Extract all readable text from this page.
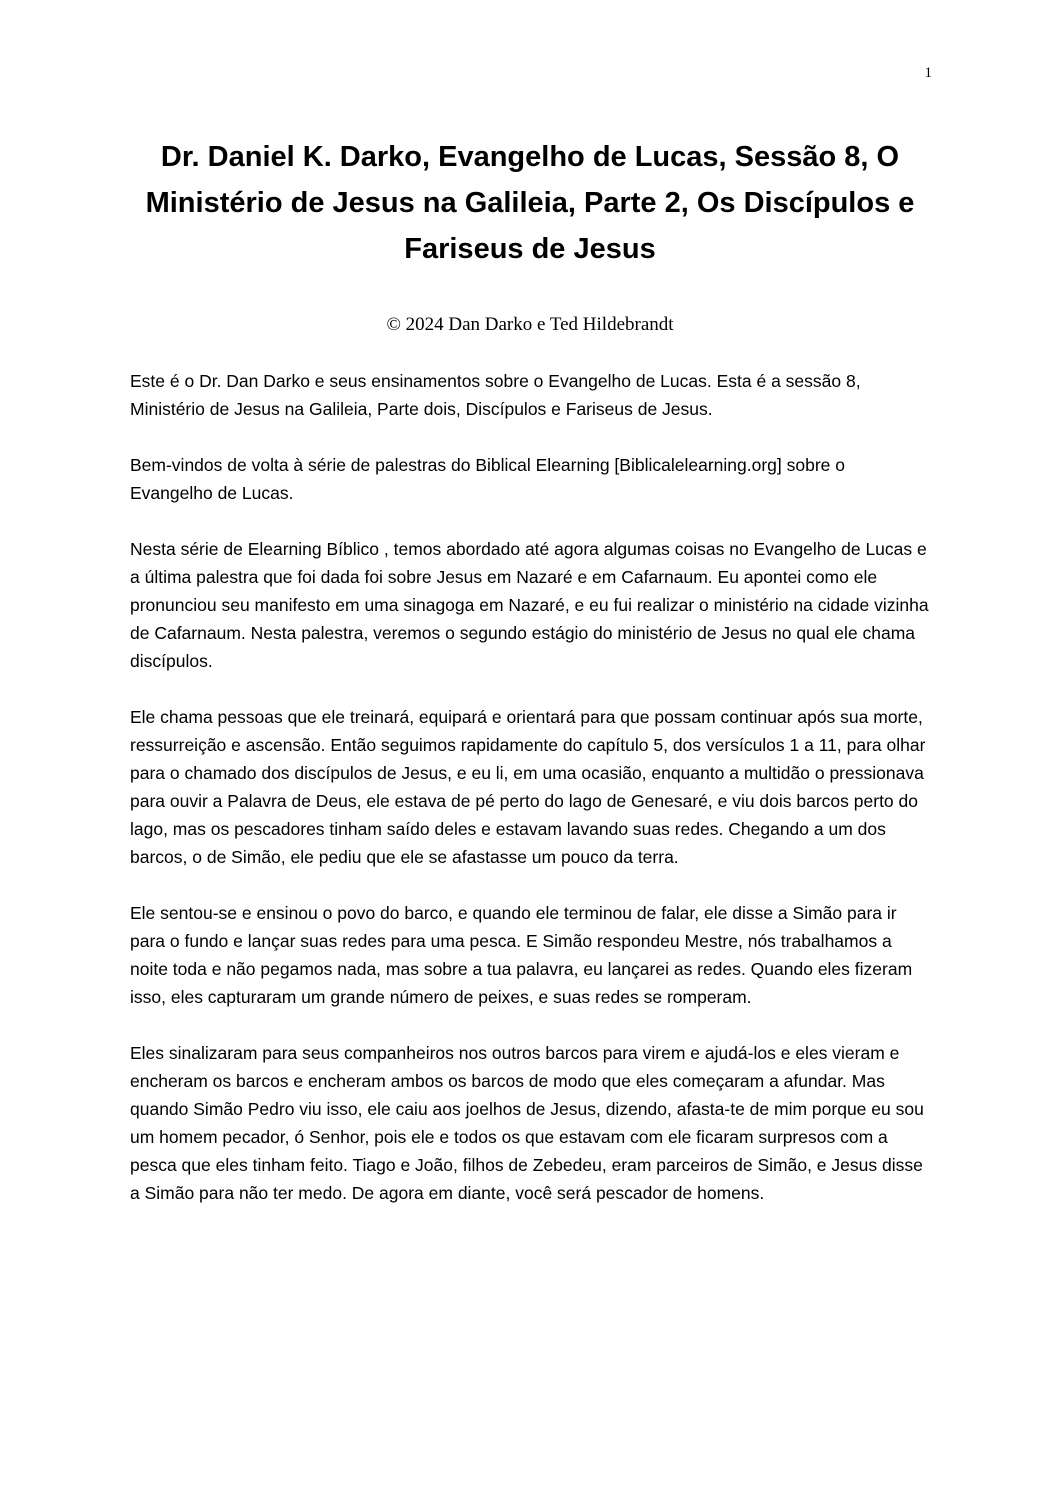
1
Dr. Daniel K. Darko, Evangelho de Lucas, Sessão 8, O Ministério de Jesus na Galileia, Parte 2, Os Discípulos e Fariseus de Jesus
© 2024 Dan Darko e Ted Hildebrandt

Este é o Dr. Dan Darko e seus ensinamentos sobre o Evangelho de Lucas. Esta é a sessão 8, Ministério de Jesus na Galileia, Parte dois, Discípulos e Fariseus de Jesus.

Bem-vindos de volta à série de palestras do Biblical Elearning [Biblicalelearning.org] sobre o Evangelho de Lucas.

Nesta série de Elearning Bíblico , temos abordado até agora algumas coisas no Evangelho de Lucas e a última palestra que foi dada foi sobre Jesus em Nazaré e em Cafarnaum. Eu apontei como ele pronunciou seu manifesto em uma sinagoga em Nazaré, e eu fui realizar o ministério na cidade vizinha de Cafarnaum. Nesta palestra, veremos o segundo estágio do ministério de Jesus no qual ele chama discípulos.

Ele chama pessoas que ele treinará, equipará e orientará para que possam continuar após sua morte, ressurreição e ascensão. Então seguimos rapidamente do capítulo 5, dos versículos 1 a 11, para olhar para o chamado dos discípulos de Jesus, e eu li, em uma ocasião, enquanto a multidão o pressionava para ouvir a Palavra de Deus, ele estava de pé perto do lago de Genesaré, e viu dois barcos perto do lago, mas os pescadores tinham saído deles e estavam lavando suas redes. Chegando a um dos barcos, o de Simão, ele pediu que ele se afastasse um pouco da terra.

Ele sentou-se e ensinou o povo do barco, e quando ele terminou de falar, ele disse a Simão para ir para o fundo e lançar suas redes para uma pesca. E Simão respondeu Mestre, nós trabalhamos a noite toda e não pegamos nada, mas sobre a tua palavra, eu lançarei as redes. Quando eles fizeram isso, eles capturaram um grande número de peixes, e suas redes se romperam.

Eles sinalizaram para seus companheiros nos outros barcos para virem e ajudá-los e eles vieram e encheram os barcos e encheram ambos os barcos de modo que eles começaram a afundar. Mas quando Simão Pedro viu isso, ele caiu aos joelhos de Jesus, dizendo, afasta-te de mim porque eu sou um homem pecador, ó Senhor, pois ele e todos os que estavam com ele ficaram surpresos com a pesca que eles tinham feito. Tiago e João, filhos de Zebedeu, eram parceiros de Simão, e Jesus disse a Simão para não ter medo. De agora em diante, você será pescador de homens.
